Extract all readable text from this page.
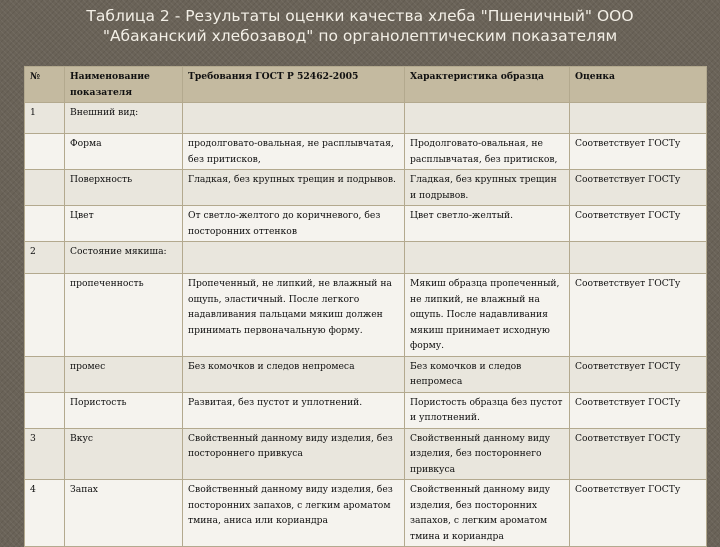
Таблица 2 - Результаты оценки качества хлеба "Пшеничный" ООО
"Абаканский хлебозавод" по органолептическим показателям
№	Наименование показателя	Требования ГОСТ Р 52462-2005	Характеристика образца	Оценка
1	Внешний вид:			
	Форма	продолговато-овальная, не расплывчатая, без притисков,	Продолговато-овальная, не расплывчатая, без притисков,	Соответствует ГОСТу
	Поверхность	Гладкая, без крупных трещин и подрывов.	Гладкая, без крупных трещин и подрывов.	Соответствует ГОСТу
	Цвет	От светло-желтого до коричневого, без посторонних оттенков	Цвет светло-желтый.	Соответствует ГОСТу
2	Состояние мякиша:			
	пропеченность	Пропеченный, не липкий, не влажный на ощупь, эластичный. После легкого надавливания пальцами мякиш должен принимать первоначальную форму.	Мякиш образца пропеченный, не липкий, не влажный на ощупь. После надавливания мякиш принимает исходную форму.	Соответствует ГОСТу
	промес	Без комочков и следов непромеса	Без комочков и следов непромеса	Соответствует ГОСТу
	Пористость	Развитая, без пустот и уплотнений.	Пористость образца без пустот и уплотнений.	Соответствует ГОСТу
3	Вкус	Свойственный данному виду изделия, без постороннего привкуса	Свойственный данному виду изделия, без постороннего привкуса	Соответствует ГОСТу
4	Запах	Свойственный данному виду изделия, без посторонних запахов, с легким ароматом тмина, аниса или кориандра	Свойственный данному виду изделия, без посторонних запахов, с легким ароматом тмина и кориандра	Соответствует ГОСТу
